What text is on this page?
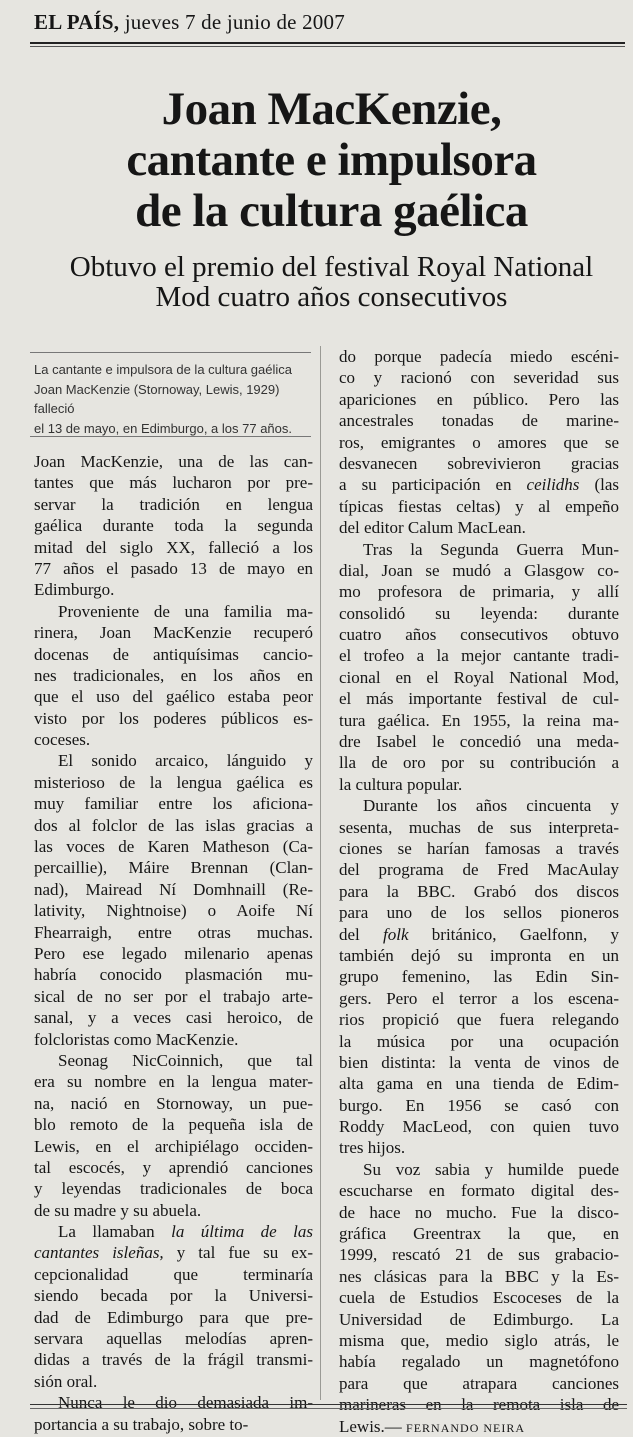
EL PAÍS, jueves 7 de junio de 2007
Joan MacKenzie,
cantante e impulsora
de la cultura gaélica
Obtuvo el premio del festival Royal National
Mod cuatro años consecutivos
La cantante e impulsora de la cultura gaélica
Joan MacKenzie (Stornoway, Lewis, 1929) falleció
el 13 de mayo, en Edimburgo, a los 77 años.
Joan MacKenzie, una de las can-
tantes que más lucharon por pre-
servar la tradición en lengua
gaélica durante toda la segunda
mitad del siglo XX, falleció a los
77 años el pasado 13 de mayo en
Edimburgo.
Proveniente de una familia ma-
rinera, Joan MacKenzie recuperó
docenas de antiquísimas cancio-
nes tradicionales, en los años en
que el uso del gaélico estaba peor
visto por los poderes públicos es-
coceses.
El sonido arcaico, lánguido y
misterioso de la lengua gaélica es
muy familiar entre los aficiona-
dos al folclor de las islas gracias a
las voces de Karen Matheson (Ca-
percaillie), Máire Brennan (Clan-
nad), Mairead Ní Domhnaill (Re-
lativity, Nightnoise) o Aoife Ní
Fhearraigh, entre otras muchas.
Pero ese legado milenario apenas
habría conocido plasmación mu-
sical de no ser por el trabajo arte-
sanal, y a veces casi heroico, de
folcloristas como MacKenzie.
Seonag NicCoinnich, que tal
era su nombre en la lengua mater-
na, nació en Stornoway, un pue-
blo remoto de la pequeña isla de
Lewis, en el archipiélago occiden-
tal escocés, y aprendió canciones
y leyendas tradicionales de boca
de su madre y su abuela.
La llamaban la última de las
cantantes isleñas, y tal fue su ex-
cepcionalidad que terminaría
siendo becada por la Universi-
dad de Edimburgo para que pre-
servara aquellas melodías apren-
didas a través de la frágil transmi-
sión oral.
Nunca le dio demasiada im-
portancia a su trabajo, sobre to-
do porque padecía miedo escéni-
co y racionó con severidad sus
apariciones en público. Pero las
ancestrales tonadas de marine-
ros, emigrantes o amores que se
desvanecen sobrevivieron gracias
a su participación en ceilidhs (las
típicas fiestas celtas) y al empeño
del editor Calum MacLean.
Tras la Segunda Guerra Mun-
dial, Joan se mudó a Glasgow co-
mo profesora de primaria, y allí
consolidó su leyenda: durante
cuatro años consecutivos obtuvo
el trofeo a la mejor cantante tradi-
cional en el Royal National Mod,
el más importante festival de cul-
tura gaélica. En 1955, la reina ma-
dre Isabel le concedió una meda-
lla de oro por su contribución a
la cultura popular.
Durante los años cincuenta y
sesenta, muchas de sus interpreta-
ciones se harían famosas a través
del programa de Fred MacAulay
para la BBC. Grabó dos discos
para uno de los sellos pioneros
del folk británico, Gaelfonn, y
también dejó su impronta en un
grupo femenino, las Edin Sin-
gers. Pero el terror a los escena-
rios propició que fuera relegando
la música por una ocupación
bien distinta: la venta de vinos de
alta gama en una tienda de Edim-
burgo. En 1956 se casó con
Roddy MacLeod, con quien tuvo
tres hijos.
Su voz sabia y humilde puede
escucharse en formato digital des-
de hace no mucho. Fue la disco-
gráfica Greentrax la que, en
1999, rescató 21 de sus grabacio-
nes clásicas para la BBC y la Es-
cuela de Estudios Escoceses de la
Universidad de Edimburgo. La
misma que, medio siglo atrás, le
había regalado un magnetófono
para que atrapara canciones
marineras en la remota isla de
Lewis.— FERNANDO NEIRA
